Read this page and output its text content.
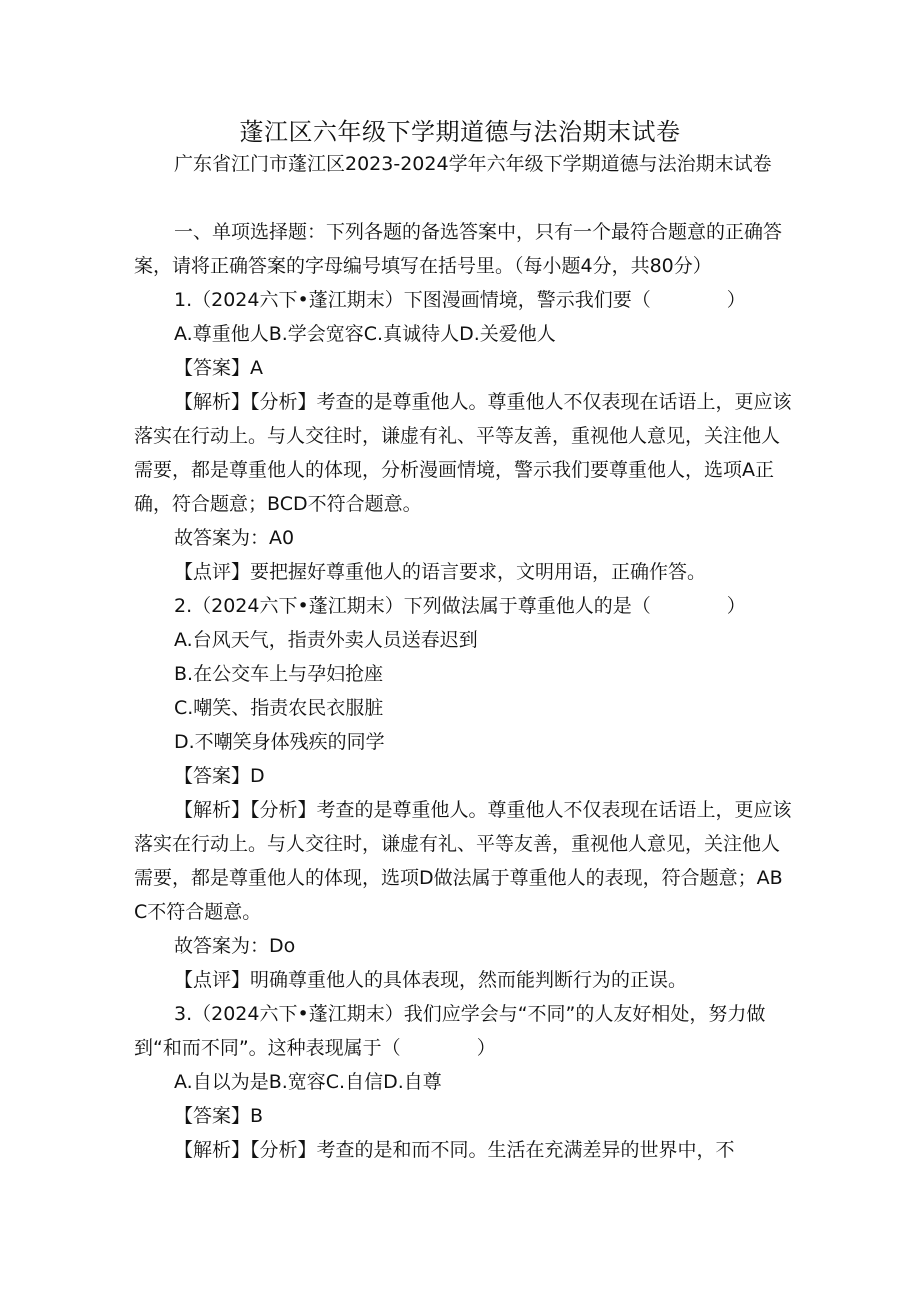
蓬江区六年级下学期道德与法治期末试卷
广东省江门市蓬江区2023-2024学年六年级下学期道德与法治期末试卷
一、单项选择题：下列各题的备选答案中，只有一个最符合题意的正确答案，请将正确答案的字母编号填写在括号里。（每小题4分，共80分）
1.（2024六下•蓬江期末）下图漫画情境，警示我们要（　　　　）
A.尊重他人B.学会宽容C.真诚待人D.关爱他人
【答案】A
【解析】【分析】考查的是尊重他人。尊重他人不仅表现在话语上，更应该落实在行动上。与人交往时，谦虚有礼、平等友善，重视他人意见，关注他人需要，都是尊重他人的体现，分析漫画情境，警示我们要尊重他人，选项A正确，符合题意；BCD不符合题意。
故答案为：A0
【点评】要把握好尊重他人的语言要求，文明用语，正确作答。
2.（2024六下•蓬江期末）下列做法属于尊重他人的是（　　　　）
A.台风天气，指责外卖人员送春迟到
B.在公交车上与孕妇抢座
C.嘲笑、指责农民衣服脏
D.不嘲笑身体残疾的同学
【答案】D
【解析】【分析】考查的是尊重他人。尊重他人不仅表现在话语上，更应该落实在行动上。与人交往时，谦虚有礼、平等友善，重视他人意见，关注他人需要，都是尊重他人的体现，选项D做法属于尊重他人的表现，符合题意；ABC不符合题意。
故答案为：Do
【点评】明确尊重他人的具体表现，然而能判断行为的正误。
3.（2024六下•蓬江期末）我们应学会与“不同”的人友好相处，努力做到“和而不同”。这种表现属于（　　　　）
A.自以为是B.宽容C.自信D.自尊
【答案】B
【解析】【分析】考查的是和而不同。生活在充满差异的世界中，不
